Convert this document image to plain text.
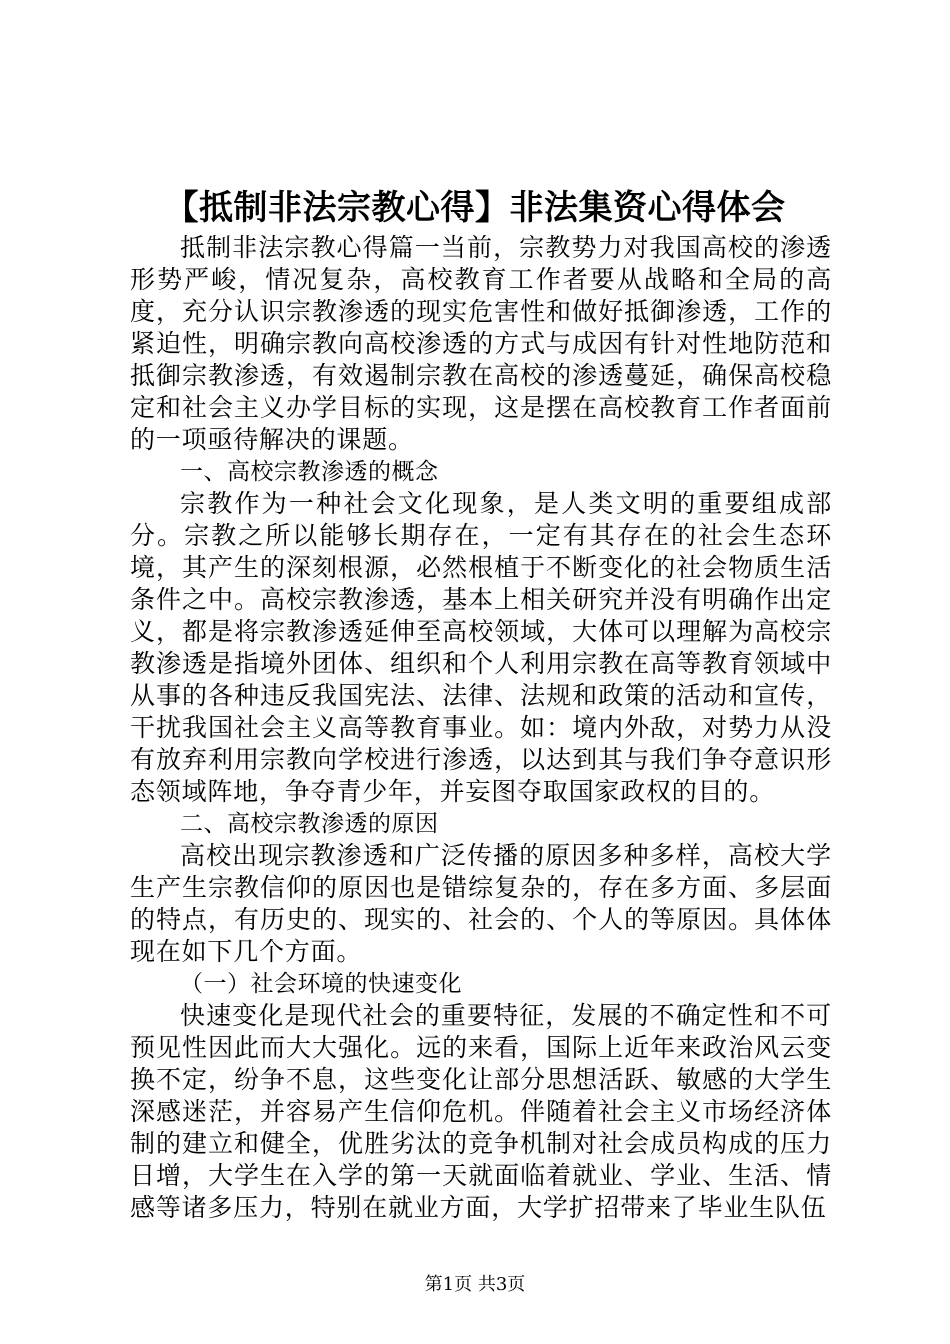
【抵制非法宗教心得】非法集资心得体会

抵制非法宗教心得篇一当前，宗教势力对我国高校的渗透形势严峻，情况复杂，高校教育工作者要从战略和全局的高度，充分认识宗教渗透的现实危害性和做好抵御渗透，工作的紧迫性，明确宗教向高校渗透的方式与成因有针对性地防范和抵御宗教渗透，有效遏制宗教在高校的渗透蔓延，确保高校稳定和社会主义办学目标的实现，这是摆在高校教育工作者面前的一项亟待解决的课题。

一、高校宗教渗透的概念

宗教作为一种社会文化现象，是人类文明的重要组成部分。宗教之所以能够长期存在，一定有其存在的社会生态环境，其产生的深刻根源，必然根植于不断变化的社会物质生活条件之中。高校宗教渗透，基本上相关研究并没有明确作出定义，都是将宗教渗透延伸至高校领域，大体可以理解为高校宗教渗透是指境外团体、组织和个人利用宗教在高等教育领域中从事的各种违反我国宪法、法律、法规和政策的活动和宣传，干扰我国社会主义高等教育事业。如：境内外敌，对势力从没有放弃利用宗教向学校进行渗透，以达到其与我们争夺意识形态领域阵地，争夺青少年，并妄图夺取国家政权的目的。

二、高校宗教渗透的原因

高校出现宗教渗透和广泛传播的原因多种多样，高校大学生产生宗教信仰的原因也是错综复杂的，存在多方面、多层面的特点，有历史的、现实的、社会的、个人的等原因。具体体现在如下几个方面。

（一）社会环境的快速变化

快速变化是现代社会的重要特征，发展的不确定性和不可预见性因此而大大强化。远的来看，国际上近年来政治风云变换不定，纷争不息，这些变化让部分思想活跃、敏感的大学生深感迷茫，并容易产生信仰危机。伴随着社会主义市场经济体制的建立和健全，优胜劣汰的竞争机制对社会成员构成的压力日增，大学生在入学的第一天就面临着就业、学业、生活、情感等诸多压力，特别在就业方面，大学扩招带来了毕业生队伍

第1页 共3页
